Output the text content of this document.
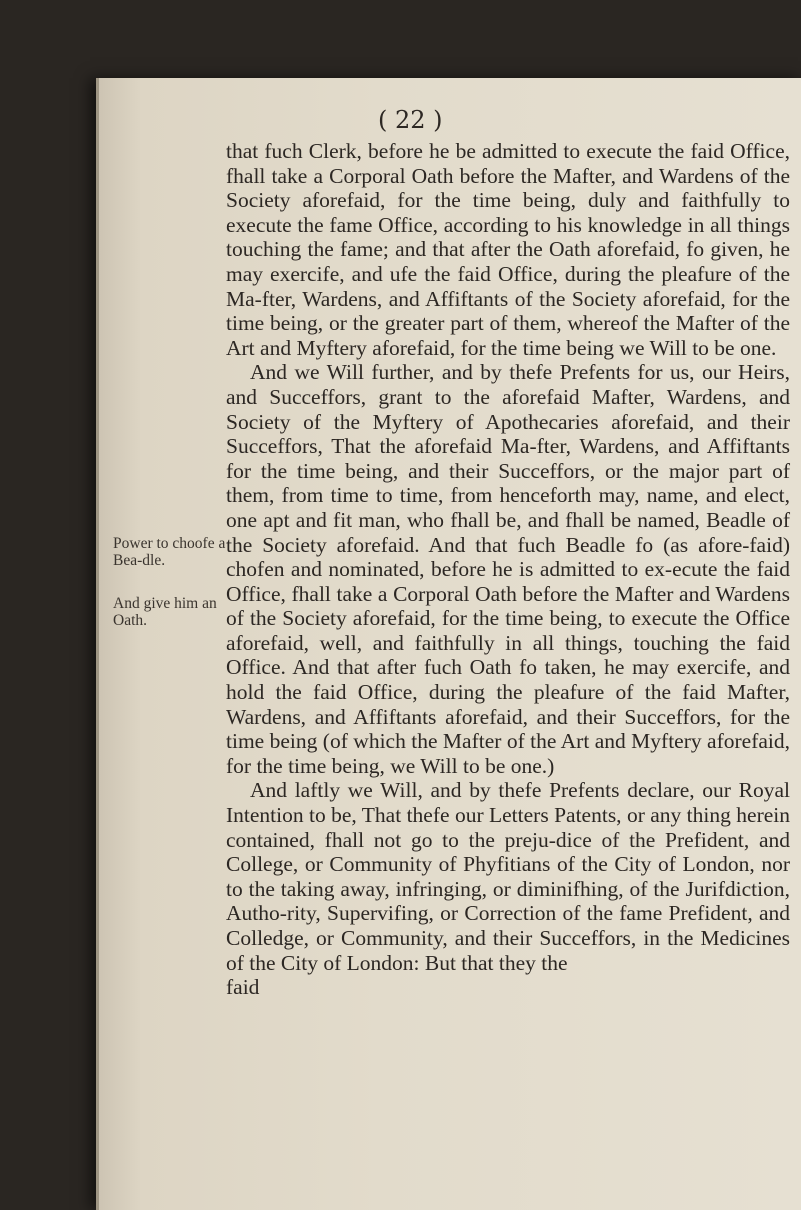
( 22 )
Power to choofe a Bea-dle.
And give him an Oath.

that fuch Clerk, before he be admitted to execute the faid Office, fhall take a Corporal Oath before the Mafter, and Wardens of the Society aforefaid, for the time being, duly and faithfully to execute the fame Office, according to his knowledge in all things touching the fame; and that after the Oath aforefaid, fo given, he may exercife, and ufe the faid Office, during the pleafure of the Ma-fter, Wardens, and Affiftants of the Society aforefaid, for the time being, or the greater part of them, whereof the Mafter of the Art and Myftery aforefaid, for the time being we Will to be one.

And we Will further, and by thefe Prefents for us, our Heirs, and Succeffors, grant to the aforefaid Mafter, Wardens, and Society of the Myftery of Apothecaries aforefaid, and their Succeffors, That the aforefaid Ma-fter, Wardens, and Affiftants for the time being, and their Succeffors, or the major part of them, from time to time, from henceforth may, name, and elect, one apt and fit man, who fhall be, and fhall be named, Beadle of the Society aforefaid. And that fuch Beadle fo (as afore-faid) chofen and nominated, before he is admitted to ex-ecute the faid Office, fhall take a Corporal Oath before the Mafter and Wardens of the Society aforefaid, for the time being, to execute the Office aforefaid, well, and faithfully in all things, touching the faid Office. And that after fuch Oath fo taken, he may exercife, and hold the faid Office, during the pleafure of the faid Mafter, Wardens, and Affiftants aforefaid, and their Succeffors, for the time being (of which the Mafter of the Art and Myftery aforefaid, for the time being, we Will to be one.)

And laftly we Will, and by thefe Prefents declare, our Royal Intention to be, That thefe our Letters Patents, or any thing herein contained, fhall not go to the preju-dice of the Prefident, and College, or Community of Phyfitians of the City of London, nor to the taking away, infringing, or diminifhing, of the Jurifdiction, Autho-rity, Supervifing, or Correction of the fame Prefident, and Colledge, or Community, and their Succeffors, in the Medicines of the City of London: But that they the

faid
